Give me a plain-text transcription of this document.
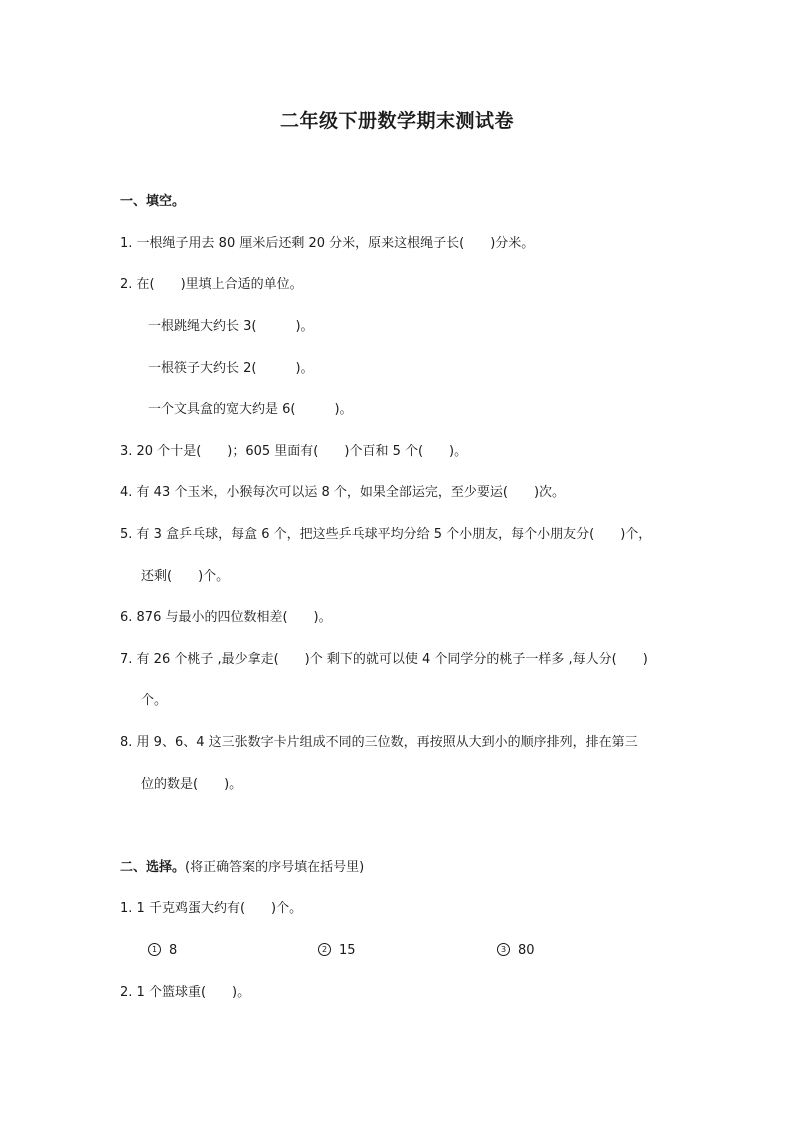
二年级下册数学期末测试卷
一、填空。
1. 一根绳子用去 80 厘米后还剩 20 分米，原来这根绳子长(　　)分米。
2. 在(　　)里填上合适的单位。
一根跳绳大约长 3(　　　)。
一根筷子大约长 2(　　　)。
一个文具盒的宽大约是 6(　　　)。
3. 20 个十是(　　)；605 里面有(　　)个百和 5 个(　　)。
4. 有 43 个玉米，小猴每次可以运 8 个，如果全部运完，至少要运(　　)次。
5. 有 3 盒乒乓球，每盒 6 个，把这些乒乓球平均分给 5 个小朋友，每个小朋友分(　　)个，
还剩(　　)个。
6. 876 与最小的四位数相差(　　)。
7. 有 26 个桃子 ,最少拿走(　　)个 剩下的就可以使 4 个同学分的桃子一样多 ,每人分(　　)
个。
8. 用 9、6、4 这三张数字卡片组成不同的三位数，再按照从大到小的顺序排列，排在第三
位的数是(　　)。
二、选择。(将正确答案的序号填在括号里)
1. 1 千克鸡蛋大约有(　　)个。
1 8	2 15	3 80
2. 1 个篮球重(　　)。
